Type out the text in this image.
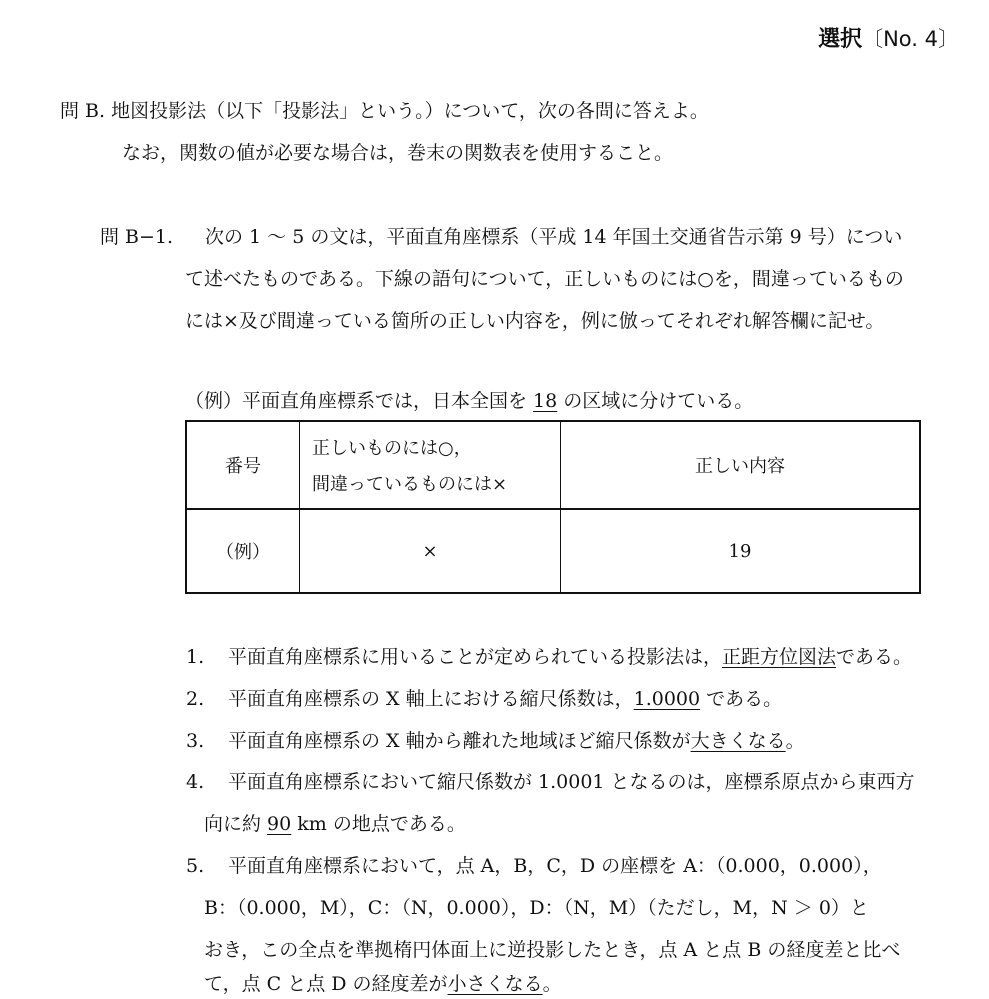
選択〔No. 4〕
問 B. 地図投影法（以下「投影法」という。）について，次の各問に答えよ。
なお，関数の値が必要な場合は，巻末の関数表を使用すること。
問 B−1. 次の 1 〜 5 の文は，平面直角座標系（平成 14 年国土交通省告示第 9 号）につい
て述べたものである。下線の語句について，正しいものには○を，間違っているもの
には×及び間違っている箇所の正しい内容を，例に倣ってそれぞれ解答欄に記せ。
（例）平面直角座標系では，日本全国を 18 の区域に分けている。
番号
正しいものには○，
間違っているものには×
正しい内容
（例）	×	19
1. 平面直角座標系に用いることが定められている投影法は，正距方位図法である。
2. 平面直角座標系の X 軸上における縮尺係数は，1.0000 である。
3. 平面直角座標系の X 軸から離れた地域ほど縮尺係数が大きくなる。
4. 平面直角座標系において縮尺係数が 1.0001 となるのは，座標系原点から東西方
向に約 90 km の地点である。
5. 平面直角座標系において，点 A，B，C，D の座標を A：（0.000，0.000），
B：（0.000，M），C：（N，0.000），D：（N，M）（ただし，M，N ＞ 0）と
おき，この全点を準拠楕円体面上に逆投影したとき，点 A と点 B の経度差と比べ
て，点 C と点 D の経度差が小さくなる。
